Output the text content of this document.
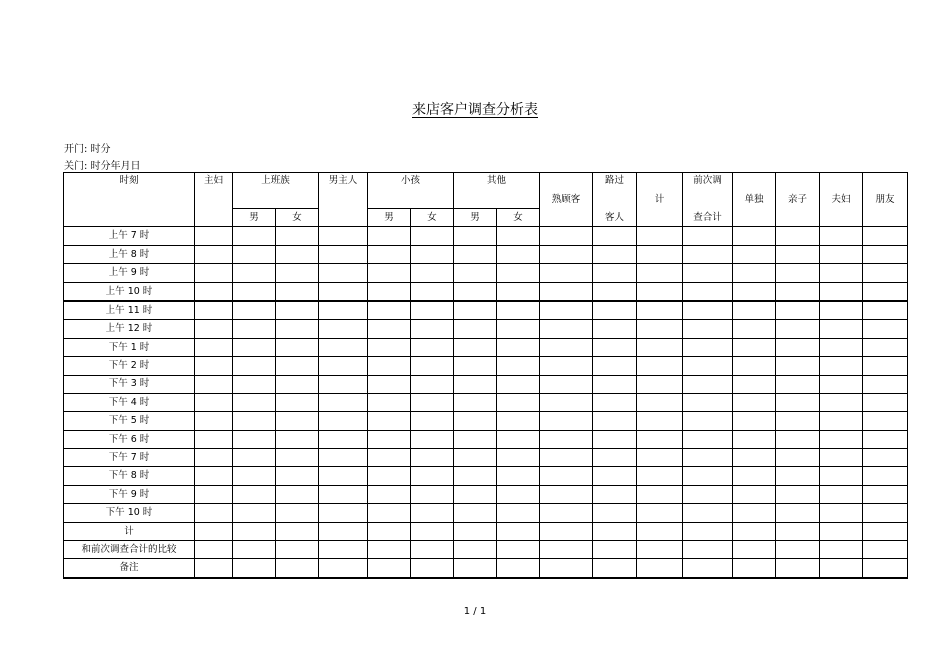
来店客户调查分析表
开门: 时分
关门: 时分年月日
时刻	主妇	上班族		男主人	小孩		其他		熟顾客	路过	计	前次调	单独	亲子	夫妇	朋友
		男	女		男	女	男	女		客人		查合计				
上午 7 时																
上午 8 时																
上午 9 时																
上午 10 时																
上午 11 时																
上午 12 时																
下午 1 时																
下午 2 时																
下午 3 时																
下午 4 时																
下午 5 时																
下午 6 时																
下午 7 时																
下午 8 时																
下午 9 时																
下午 10 时																
计																
和前次调查合计的比较																
备注																
1 / 1
